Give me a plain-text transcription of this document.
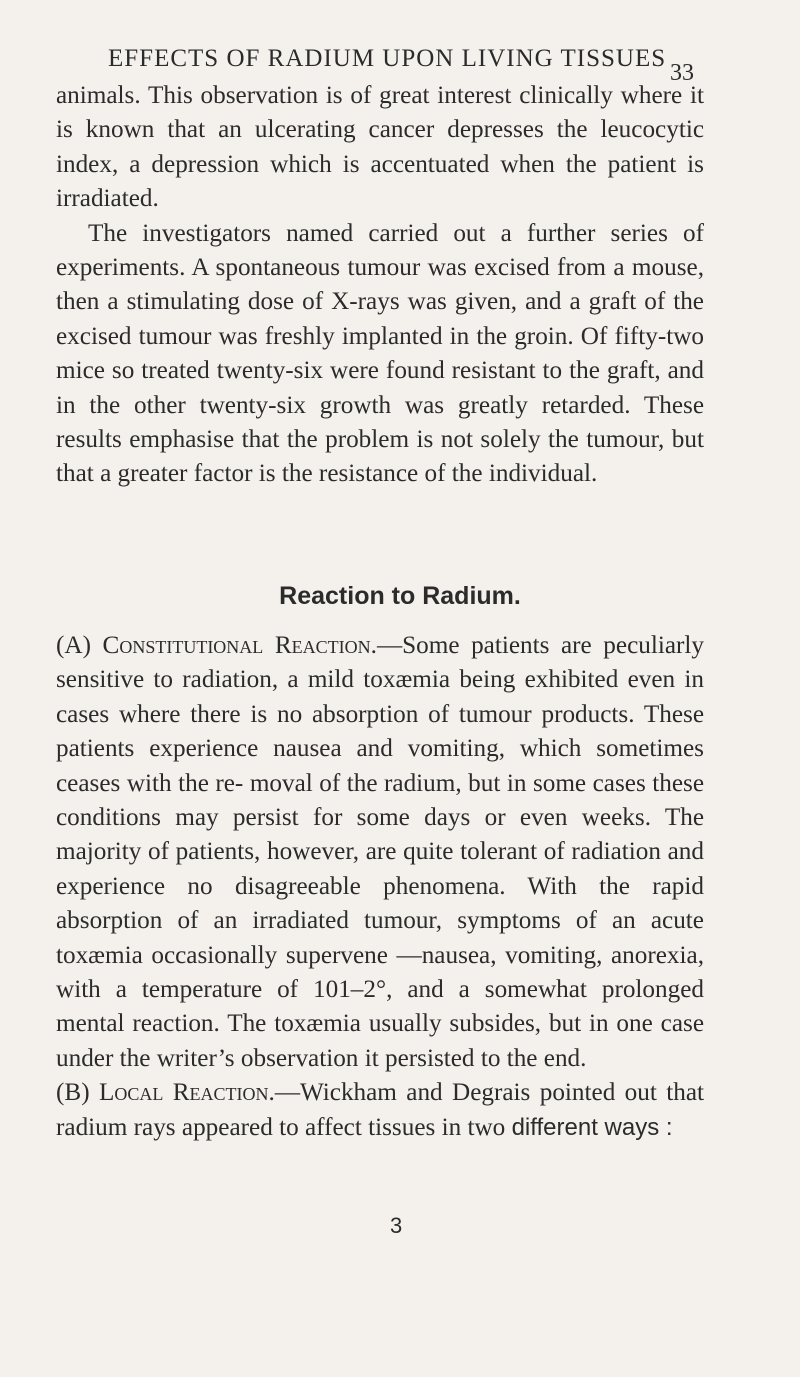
EFFECTS OF RADIUM UPON LIVING TISSUES
33

animals. This observation is of great interest clinically where it is known that an ulcerating cancer depresses the leucocytic index, a depression which is accentuated when the patient is irradiated.

The investigators named carried out a further series of experiments. A spontaneous tumour was excised from a mouse, then a stimulating dose of X-rays was given, and a graft of the excised tumour was freshly implanted in the groin. Of fifty-two mice so treated twenty-six were found resistant to the graft, and in the other twenty-six growth was greatly retarded. These results emphasise that the problem is not solely the tumour, but that a greater factor is the resistance of the individual.

Reaction to Radium.

(A) Constitutional Reaction.—Some patients are peculiarly sensitive to radiation, a mild toxæmia being exhibited even in cases where there is no absorption of tumour products. These patients experience nausea and vomiting, which sometimes ceases with the re- moval of the radium, but in some cases these conditions may persist for some days or even weeks. The majority of patients, however, are quite tolerant of radiation and experience no disagreeable phenomena. With the rapid absorption of an irradiated tumour, symptoms of an acute toxæmia occasionally supervene —nausea, vomiting, anorexia, with a temperature of 101–2°, and a somewhat prolonged mental reaction. The toxæmia usually subsides, but in one case under the writer’s observation it persisted to the end.

(B) Local Reaction.—Wickham and Degrais pointed out that radium rays appeared to affect tissues in two different ways :

3
